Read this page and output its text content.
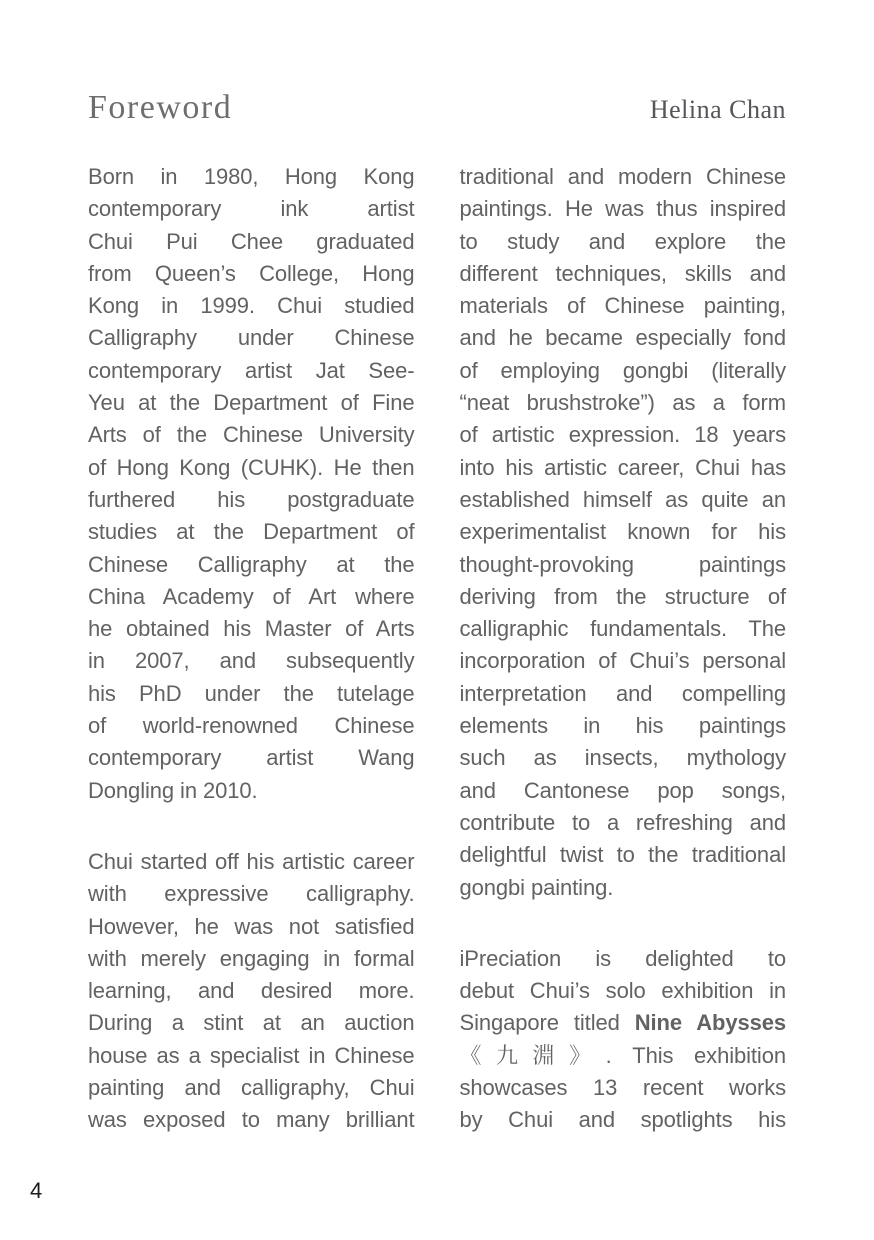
Foreword	Helina Chan
Born in 1980, Hong Kong
contemporary ink artist
Chui Pui Chee graduated
from Queen’s College, Hong
Kong in 1999. Chui studied
Calligraphy under Chinese
contemporary artist Jat See-
Yeu at the Department of Fine
Arts of the Chinese University
of Hong Kong (CUHK). He then
furthered his postgraduate
studies at the Department of
Chinese Calligraphy at the
China Academy of Art where
he obtained his Master of Arts
in 2007, and subsequently
his PhD under the tutelage
of world-renowned Chinese
contemporary artist Wang
Dongling in 2010.
Chui started off his artistic career
with expressive calligraphy.
However, he was not satisfied
with merely engaging in formal
learning, and desired more.
During a stint at an auction
house as a specialist in Chinese
painting and calligraphy, Chui
was exposed to many brilliant
traditional and modern Chinese
paintings. He was thus inspired
to study and explore the
different techniques, skills and
materials of Chinese painting,
and he became especially fond
of employing gongbi (literally
“neat brushstroke”) as a form
of artistic expression. 18 years
into his artistic career, Chui has
established himself as quite an
experimentalist known for his
thought-provoking paintings
deriving from the structure of
calligraphic fundamentals. The
incorporation of Chui’s personal
interpretation and compelling
elements in his paintings
such as insects, mythology
and Cantonese pop songs,
contribute to a refreshing and
delightful twist to the traditional
gongbi painting.
iPreciation is delighted to
debut Chui’s solo exhibition in
Singapore titled Nine Abysses
《九淵》. This exhibition
showcases 13 recent works
by Chui and spotlights his
4
